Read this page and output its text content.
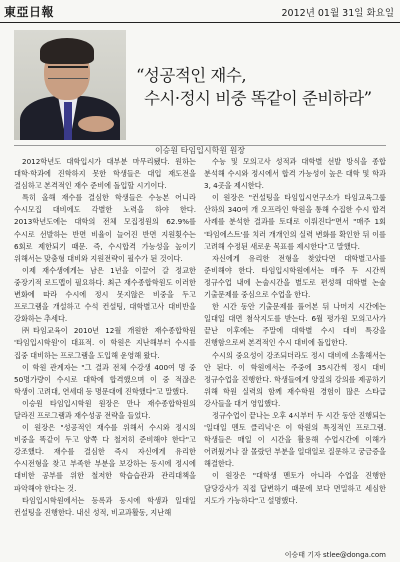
東亞日報	2012년 01월 31일 화요일
“성공적인 재수,
수시·정시 비중 똑같이 준비하라”
이승원 타임입시학원 원장

2012학년도 대학입시가 대부분 마무리됐다. 원하는 대학·학과에 진학하지 못한 학생들은 대입 재도전을 결심하고 본격적인 재수 준비에 돌입할 시기이다.

특히 올해 재수를 결심한 학생들은 수능본 어니라 수시모집 대비에도 각별한 노력을 하야 한다. 2013학년도에는 대학의 전체 모집정원의 62.9%를 수시로 선발하는 반면 비율이 늘어진 반면 지원횟수는 6회로 제한되기 때문. 즉, 수시합격 가능성을 높이기 위해서는 맞춤형 대비와 지원전략이 필수가 된 것이다.

이제 재수생에게는 남은 1년을 이끌어 갈 정교한 중장기적 로드맵이 필요하다. 최근 재수종합학원도 이러한 변화에 따라 수시에 정시 못지않은 비중을 두고 프로그램을 개설하고 수석 컨설팅, 대학별고사 대비반을 강화하는 추세다.

㈜타임교육이 2010년 12월 개원한 재수종합학원 '타임입시학원'이 대표적. 이 학원은 지난해부터 수시를 집중 대비하는 프로그램을 도입해 운영해 왔다.

이 학원 관계자는 "그 결과 전체 수강생 400여 명 중 50명가량이 수시로 대학에 합격했으며 이 중 적잖은 학생이 고려대, 연세대 등 명문대에 진학했다"고 말했다.

이승원 타임입시학원 원장은 만나 재수종합학원의 달라진 프로그램과 재수성공 전략을 들었다.

이 원장은 "성공적인 재수를 위해서 수시와 정시의 비중을 똑같이 두고 양쪽 다 철저히 준비해야 한다"고 강조했다. 재수를 결심한 즉시 자신에게 유리한 수시전형을 찾고 부족한 부분을 보강하는 동시에 정시에 대비한 공부를 위한 철저한 학습습관과 관리대책을 파악해야 한다는 것.

타임입시학원에서는 등록과 동시에 학생과 일대일 컨설팅을 진행한다. 내신 성적, 비교과활동, 지난해

수능 및 모의고사 성적과 대학별 선발 방식을 종합 분석해 수시와 정시에서 합격 가능성이 높은 대학 및 학과 3, 4곳을 제시한다.

이 원장은 "컨설팅을 타임입시연구소가 타임교육그룹 산하의 340여 개 오프라인 학원을 통해 수집한 수시 합격 사례를 분석한 결과를 토대로 이뤄진다"면서 "매주 1회 '타임에스트'를 치러 개개인의 실력 변화를 확인한 뒤 이를 고려해 수정된 새로운 목표를 제시한다"고 말했다.

자신에게 유리한 전형을 찾았다면 대학별고사를 준비해야 한다. 타임입시학원에서는 매주 두 시간씩 정규수업 내에 논술시간을 별도로 편성해 대학별 논술 기출문제를 중심으로 수업을 한다.

한 시간 동안 기출문제를 풀어본 뒤 나머지 시간에는 일대일 대면 첨삭지도를 받는다. 6월 평가원 모의고사가 끝난 이후에는 주말에 대학별 수시 대비 특강을 진행함으로써 본격적인 수시 대비에 돌입한다.

수시의 중요성이 강조되더라도 정시 대비에 소홀해서는 안 된다. 이 학원에서는 주중에 35시간씩 정시 대비 정규수업을 진행한다. 학생들에게 양질의 강의를 제공하기 위해 학원 실력의 함께 재수학원 경험이 많은 스타급 강사들을 대거 영입했다.

정규수업이 끝나는 오후 4시부터 두 시간 동안 진행되는 '일대일 멘토 클리닉'은 이 학원의 특징적인 프로그램. 학생들은 매일 이 시간을 활용해 수업시간에 이해가 어려웠거나 잘 몰랐던 부분을 일대일로 질문하고 궁금증을 해결한다.

이 원장은 "대학생 멘토가 아니라 수업을 진행한 담당강사가 직접 답변하기 때문에 보다 면밀하고 세심한 지도가 가능하다"고 설명했다.

이승태 기자 stlee@donga.com
